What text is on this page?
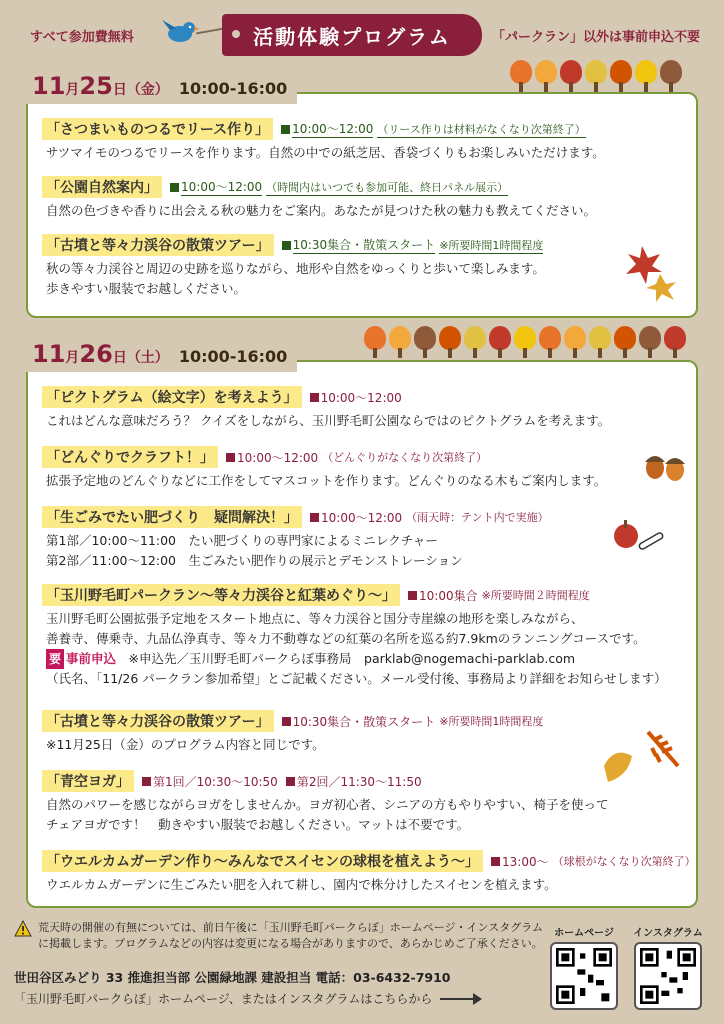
すべて参加費無料	活動体験プログラム	「パークラン」以外は事前申込不要
11 月 25 日 （金） 10:00-16:00
「さつまいものつるでリース作り」	10:00～12:00 （リース作りは材料がなくなり次第終了）
サツマイモのつるでリースを作ります。自然の中での紙芝居、香袋づくりもお楽しみいただけます。
「公園自然案内」	10:00～12:00 （時間内はいつでも参加可能、終日パネル展示）
自然の色づきや香りに出会える秋の魅力をご案内。あなたが見つけた秋の魅力も教えてください。
「古墳と等々力渓谷の散策ツアー」	10:30集合・散策スタート ※所要時間1時間程度
秋の等々力渓谷と周辺の史跡を巡りながら、地形や自然をゆっくりと歩いて楽しみます。
歩きやすい服装でお越しください。
11 月 26 日 （土） 10:00-16:00
「ピクトグラム（絵文字）を考えよう」	10:00～12:00
これはどんな意味だろう？ クイズをしながら、玉川野毛町公園ならではのピクトグラムを考えます。
「どんぐりでクラフト！」	10:00～12:00 （どんぐりがなくなり次第終了）
拡張予定地のどんぐりなどに工作をしてマスコットを作ります。どんぐりのなる木もご案内します。
「生ごみでたい肥づくり　疑問解決！」	10:00～12:00 （雨天時：テント内で実施）
第1部／10:00～11:00　たい肥づくりの専門家によるミニレクチャー
第2部／11:00～12:00　生ごみたい肥作りの展示とデモンストレーション
「玉川野毛町パークラン～等々力渓谷と紅葉めぐり～」	10:00集合 ※所要時間２時間程度
玉川野毛町公園拡張予定地をスタート地点に、等々力渓谷と国分寺崖線の地形を楽しみながら、
善養寺、傳乗寺、九品仏浄真寺、等々力不動尊などの紅葉の名所を巡る約7.9kmのランニングコースです。
要 事前申込　 ※申込先／玉川野毛町パークらぼ事務局　parklab@nogemachi-parklab.com
（氏名、「11/26 パークラン参加希望」とご記載ください。メール受付後、事務局より詳細をお知らせします）
「古墳と等々力渓谷の散策ツアー」	10:30集合・散策スタート ※所要時間1時間程度
※11月25日（金）のプログラム内容と同じです。
「青空ヨガ」	第1回／10:30～10:50 第2回／11:30～11:50
自然のパワーを感じながらヨガをしませんか。ヨガ初心者、シニアの方もやりやすい、椅子を使って
チェアヨガです！　動きやすい服装でお越しください。マットは不要です。
「ウエルカムガーデン作り～みんなでスイセンの球根を植えよう～」	13:00～ （球根がなくなり次第終了）
ウエルカムガーデンに生ごみたい肥を入れて耕し、園内で株分けしたスイセンを植えます。
荒天時の開催の有無については、前日午後に「玉川野毛町パークらぼ」ホームページ・インスタグラム
に掲載します。プログラムなどの内容は変更になる場合がありますので、あらかじめご了承ください。
世田谷区みどり 33 推進担当部 公園緑地課 建設担当 電話：03-6432-7910
「玉川野毛町パークらぼ」ホームページ、またはインスタグラムはこちらから
ホームページ	インスタグラム
